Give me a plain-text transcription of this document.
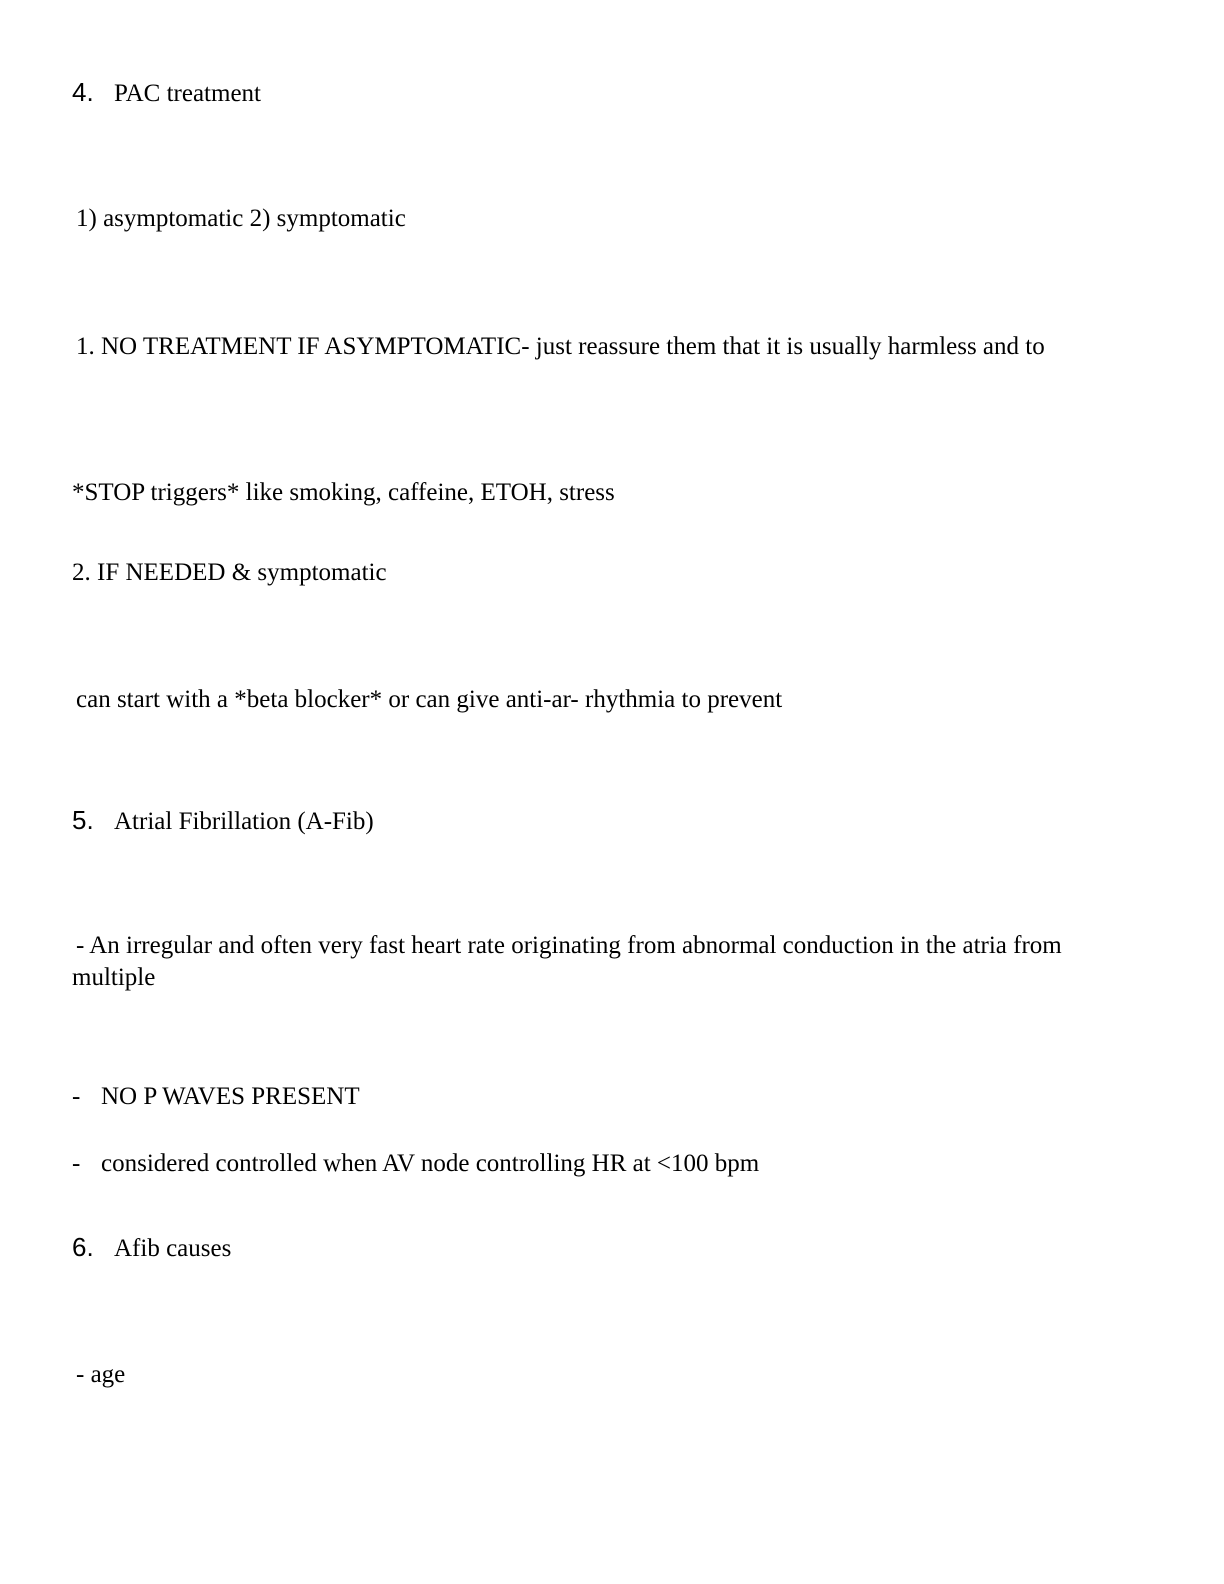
4. PAC treatment
1) asymptomatic 2) symptomatic
1. NO TREATMENT IF ASYMPTOMATIC- just reassure them that it is usually harmless and to
*STOP triggers* like smoking, caffeine, ETOH, stress
2. IF NEEDED & symptomatic
can start with a *beta blocker* or can give anti-ar- rhythmia to prevent
5. Atrial Fibrillation (A-Fib)
- An irregular and often very fast heart rate originating from abnormal conduction in the atria from multiple
- NO P WAVES PRESENT
- considered controlled when AV node controlling HR at <100 bpm
6. Afib causes
- age
